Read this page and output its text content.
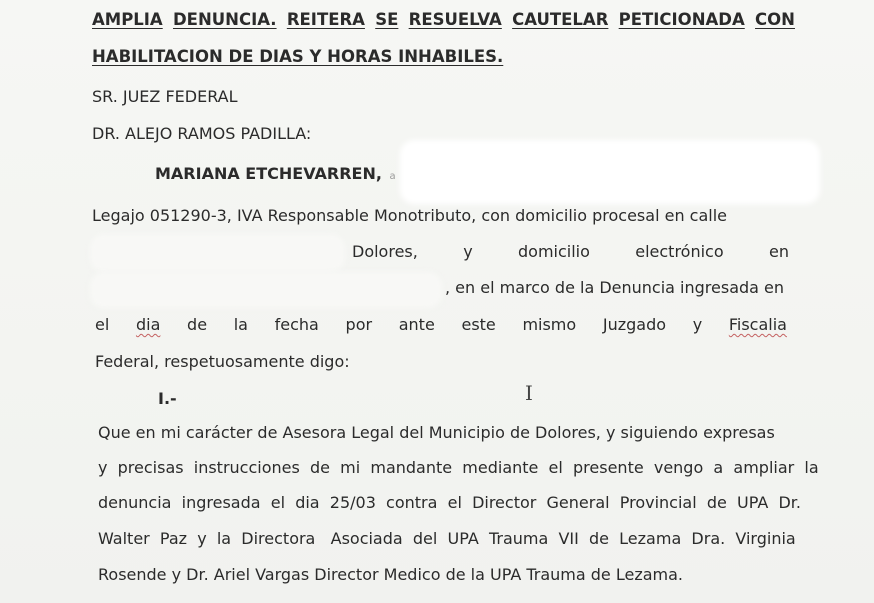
AMPLIA DENUNCIA. REITERA SE RESUELVA CAUTELAR PETICIONADA CON
HABILITACION DE DIAS Y HORAS INHABILES.
SR. JUEZ FEDERAL
DR. ALEJO RAMOS PADILLA:
MARIANA ETCHEVARREN, a
Legajo 051290-3, IVA Responsable Monotributo, con domicilio procesal en calle
Dolores,	y	domicilio	electrónico	en
, en el marco de la Denuncia ingresada en
el dia de la fecha por ante este mismo Juzgado y Fiscalia
Federal, respetuosamente digo:
I.-	I
Que en mi carácter de Asesora Legal del Municipio de Dolores, y siguiendo expresas
y  precisas  instrucciones  de  mi  mandante  mediante  el  presente  vengo  a  ampliar  la
denuncia  ingresada  el  dia  25/03  contra  el  Director  General  Provincial  de  UPA  Dr.
Walter  Paz  y  la  Directora   Asociada  del  UPA  Trauma  VII  de  Lezama  Dra.  Virginia
Rosende y Dr. Ariel Vargas Director Medico de la UPA Trauma de Lezama.
